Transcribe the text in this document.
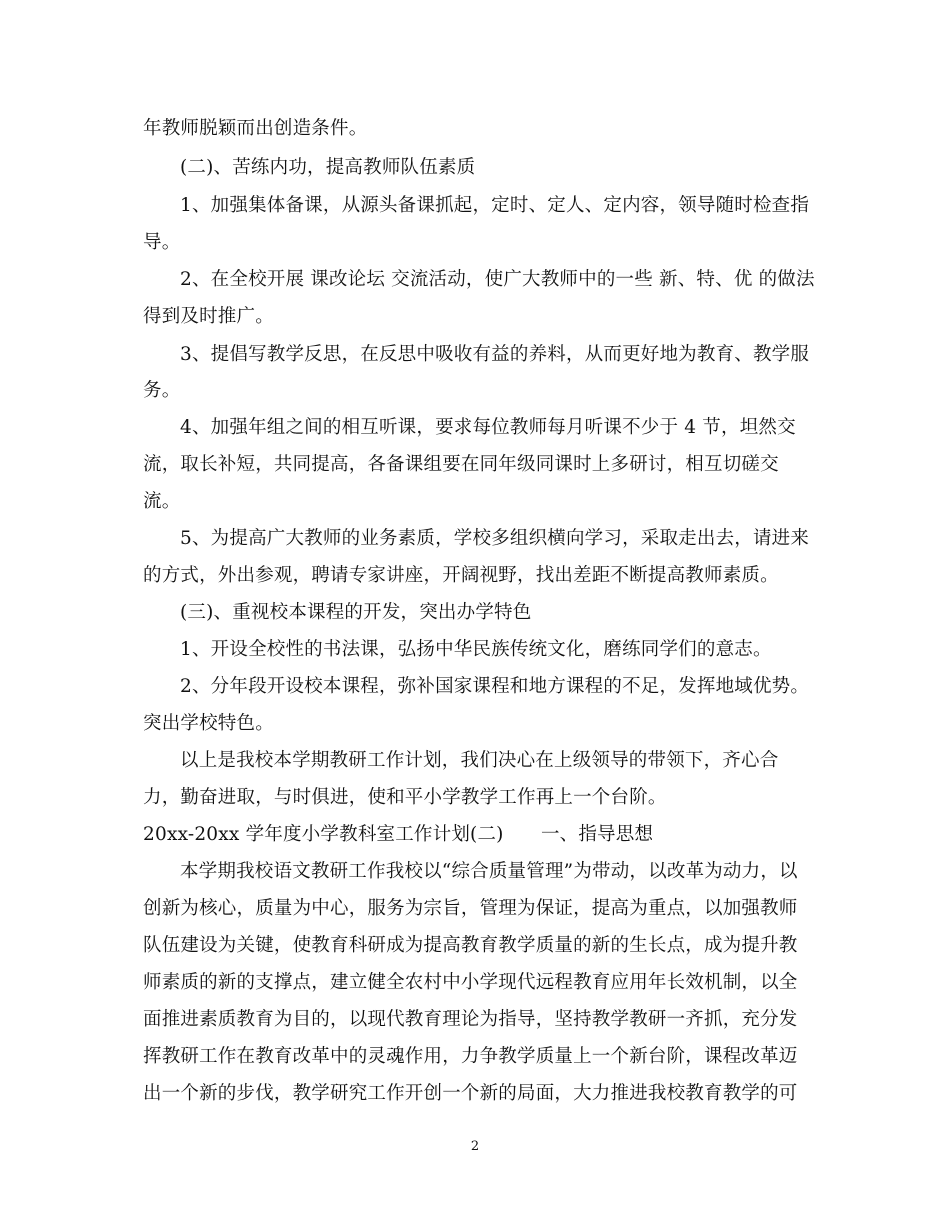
年教师脱颖而出创造条件。
(二)、苦练内功，提高教师队伍素质
1、加强集体备课，从源头备课抓起，定时、定人、定内容，领导随时检查指
导。
2、在全校开展 课改论坛 交流活动，使广大教师中的一些 新、特、优 的做法
得到及时推广。
3、提倡写教学反思，在反思中吸收有益的养料，从而更好地为教育、教学服
务。
4、加强年组之间的相互听课，要求每位教师每月听课不少于 4 节，坦然交
流，取长补短，共同提高，各备课组要在同年级同课时上多研讨，相互切磋交
流。
5、为提高广大教师的业务素质，学校多组织横向学习，采取走出去，请进来
的方式，外出参观，聘请专家讲座，开阔视野，找出差距不断提高教师素质。
(三)、重视校本课程的开发，突出办学特色
1、开设全校性的书法课，弘扬中华民族传统文化，磨练同学们的意志。
2、分年段开设校本课程，弥补国家课程和地方课程的不足，发挥地域优势。
突出学校特色。
以上是我校本学期教研工作计划，我们决心在上级领导的带领下，齐心合
力，勤奋进取，与时俱进，使和平小学教学工作再上一个台阶。
20xx-20xx 学年度小学教科室工作计划(二)　　一、指导思想
本学期我校语文教研工作我校以“综合质量管理”为带动，以改革为动力，以
创新为核心，质量为中心，服务为宗旨，管理为保证，提高为重点，以加强教师
队伍建设为关键，使教育科研成为提高教育教学质量的新的生长点，成为提升教
师素质的新的支撑点，建立健全农村中小学现代远程教育应用年长效机制，以全
面推进素质教育为目的，以现代教育理论为指导，坚持教学教研一齐抓，充分发
挥教研工作在教育改革中的灵魂作用，力争教学质量上一个新台阶，课程改革迈
出一个新的步伐，教学研究工作开创一个新的局面，大力推进我校教育教学的可
2
